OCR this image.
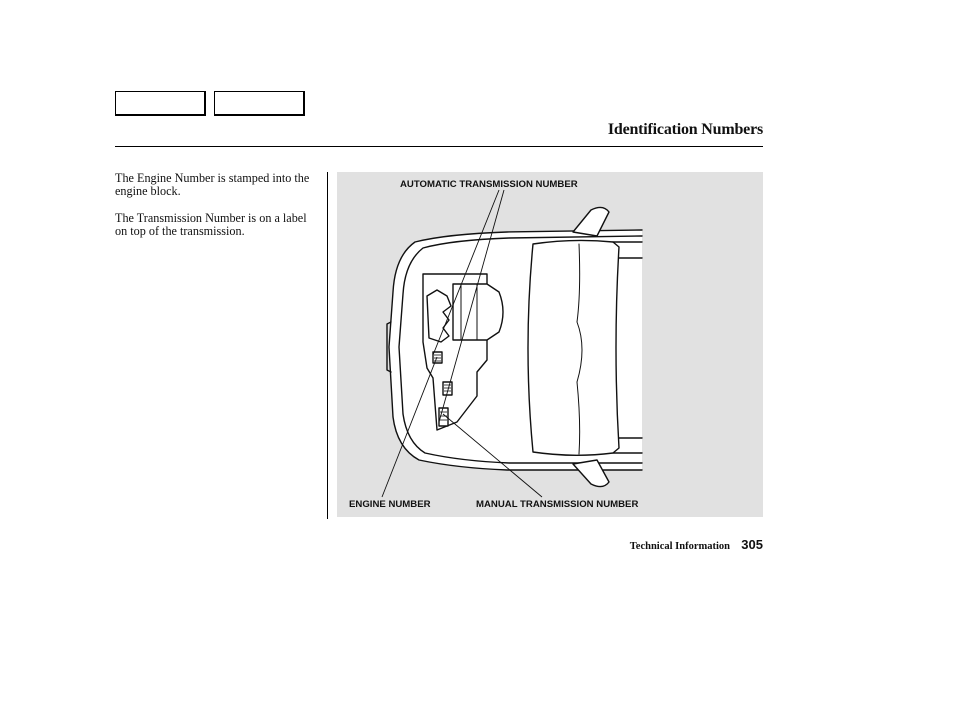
Identification Numbers
The Engine Number is stamped into the engine block.
The Transmission Number is on a label on top of the transmission.
AUTOMATIC TRANSMISSION NUMBER
ENGINE NUMBER	MANUAL TRANSMISSION NUMBER
Technical Information 305
